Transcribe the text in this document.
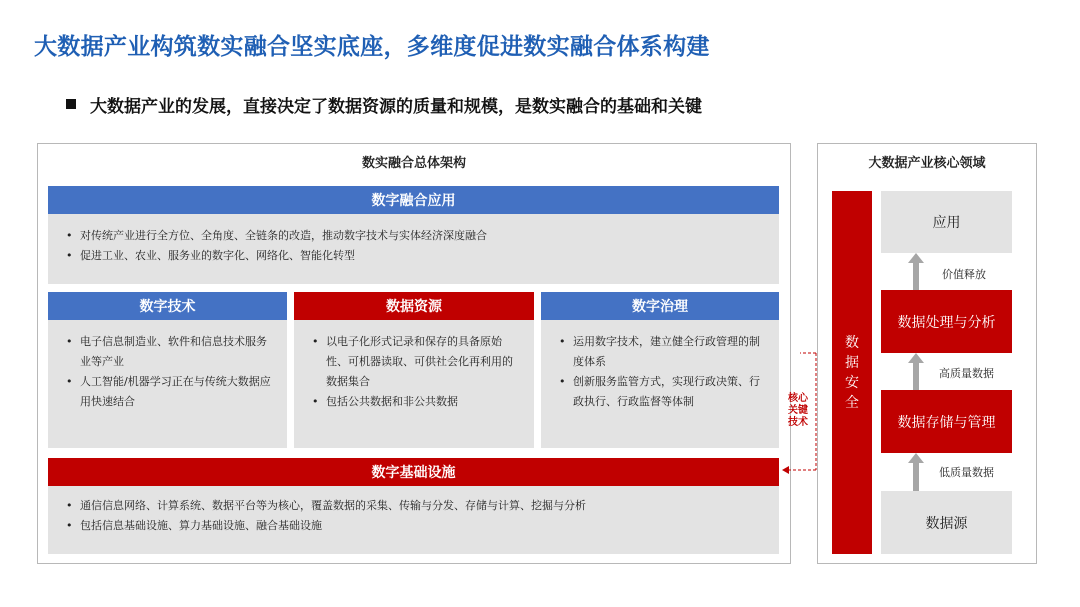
大数据产业构筑数实融合坚实底座，多维度促进数实融合体系构建
大数据产业的发展，直接决定了数据资源的质量和规模，是数实融合的基础和关键
数实融合总体架构
数字融合应用
• 对传统产业进行全方位、全角度、全链条的改造，推动数字技术与实体经济深度融合
• 促进工业、农业、服务业的数字化、网络化、智能化转型
数字技术
• 电子信息制造业、软件和信息技术服务业等产业
• 人工智能/机器学习正在与传统大数据应用快速结合
数据资源
• 以电子化形式记录和保存的具备原始性、可机器读取、可供社会化再利用的数据集合
• 包括公共数据和非公共数据
数字治理
• 运用数字技术，建立健全行政管理的制度体系
• 创新服务监管方式，实现行政决策、行政执行、行政监督等体制
数字基础设施
• 通信信息网络、计算系统、数据平台等为核心，覆盖数据的采集、传输与分发、存储与计算、挖掘与分析
• 包括信息基础设施、算力基础设施、融合基础设施
核心
关键
技术
大数据产业核心领域
数
据
安
全
应用
价值释放
数据处理与分析
高质量数据
数据存储与管理
低质量数据
数据源
